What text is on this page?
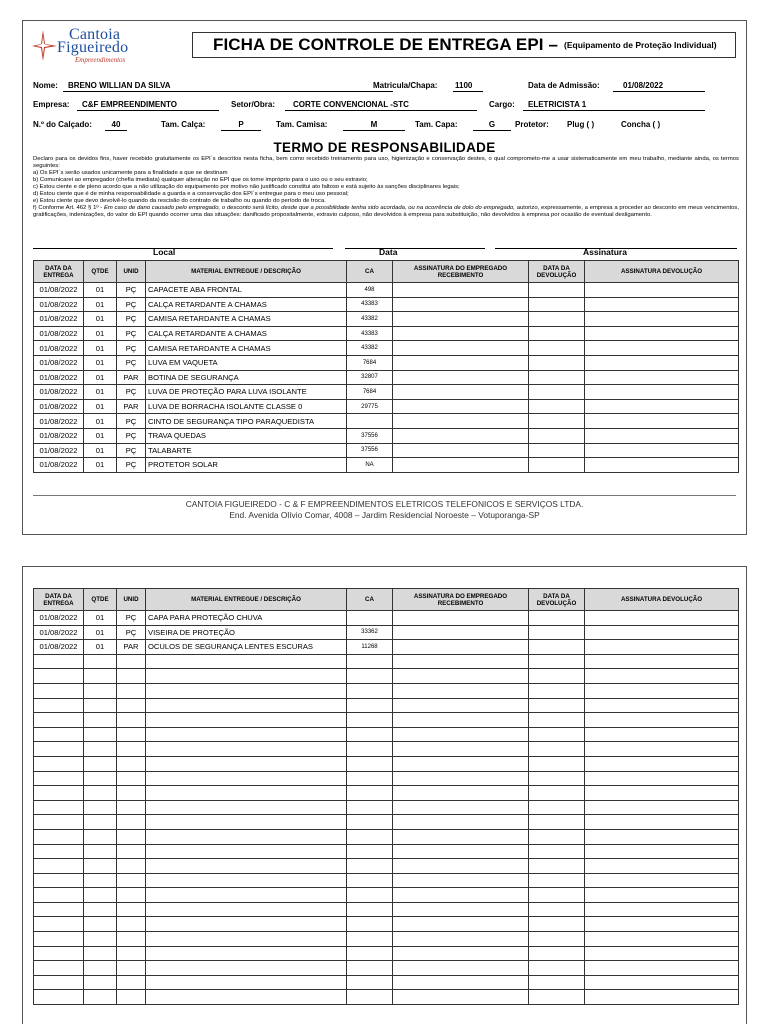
Cantoia
Figueiredo
Empreendimentos
FICHA DE CONTROLE DE ENTREGA EPI – (Equipamento de Proteção Individual)
Nome:	BRENO WILLIAN DA SILVA	Matricula/Chapa: 1100	Data de Admissão:	01/08/2022
Empresa:	C&F EMPREENDIMENTO	Setor/Obra:	CORTE CONVENCIONAL -STC	Cargo:	ELETRICISTA 1
N.º do Calçado:	40	Tam. Calça:	P	Tam. Camisa:	M	Tam. Capa:	G	Protetor: Plug ( )	Concha ( )
TERMO DE RESPONSABILIDADE

Declaro para os devidos fins, haver recebido gratuitamente os EPI´s descritos nesta ficha, bem como recebido treinamento para uso, higienização e conservação destes, o qual comprometo-me a usar sistematicamente em meu trabalho, mediante ainda, os termos seguintes:

a) Os EPI´s serão usados unicamente para a finalidade a que se destinam

b) Comunicarei ao empregador (chefia imediata) qualquer alteração no EPI que os torne impróprio para o uso ou o seu extravio;

c) Estou ciente e de pleno acordo que a não utilização do equipamento por motivo não justificado constitui ato faltoso e está sujeito às sanções disciplinares legais;

d) Estou ciente que é de minha responsabilidade a guarda e a conservação dos EPI´s entregue para o meu uso pessoal;

e) Estou ciente que devo devolvê-lo quando da rescisão do contrato de trabalho ou quando do período de troca.

f) Conforme Art. 462 § 1º - Em caso de dano causado pelo empregado, o desconto será lícito, desde que a possibilidade tenha sido acordada, ou na ocorrência de dolo do empregado, autorizo, expressamente, a empresa a proceder ao desconto em meus vencimentos, gratificações, indenizações, do valor do EPI quando ocorrer uma das situações: danificado propositalmente, extravio culposo, não devolvidos à empresa para substituição, não devolvidos à empresa por ocasião de eventual desligamento.

Local	Data	Assinatura
DATA DA ENTREGA	QTDE	UNID	MATERIAL ENTREGUE / DESCRIÇÃO	CA	ASSINATURA DO EMPREGADO RECEBIMENTO	DATA DA DEVOLUÇÃO	ASSINATURA DEVOLUÇÃO
01/08/2022	01	PÇ	CAPACETE ABA FRONTAL	498			
01/08/2022	01	PÇ	CALÇA RETARDANTE A CHAMAS	43383			
01/08/2022	01	PÇ	CAMISA RETARDANTE A CHAMAS	43382			
01/08/2022	01	PÇ	CALÇA RETARDANTE A CHAMAS	43383			
01/08/2022	01	PÇ	CAMISA RETARDANTE A CHAMAS	43382			
01/08/2022	01	PÇ	LUVA EM VAQUETA	7684			
01/08/2022	01	PAR	BOTINA DE SEGURANÇA	32807			
01/08/2022	01	PÇ	LUVA DE PROTEÇÃO PARA LUVA ISOLANTE	7684			
01/08/2022	01	PAR	LUVA DE BORRACHA ISOLANTE CLASSE 0	29775			
01/08/2022	01	PÇ	CINTO DE SEGURANÇA TIPO PARAQUEDISTA				
01/08/2022	01	PÇ	TRAVA QUEDAS	37556			
01/08/2022	01	PÇ	TALABARTE	37556			
01/08/2022	01	PÇ	PROTETOR SOLAR	NA			
CANTOIA FIGUEIREDO - C & F EMPREENDIMENTOS ELETRICOS TELEFONICOS E SERVIÇOS LTDA.
End. Avenida Olívio Comar, 4008 – Jardim Residencial Noroeste – Votuporanga-SP
DATA DA ENTREGA	QTDE	UNID	MATERIAL ENTREGUE / DESCRIÇÃO	CA	ASSINATURA DO EMPREGADO RECEBIMENTO	DATA DA DEVOLUÇÃO	ASSINATURA DEVOLUÇÃO
01/08/2022	01	PÇ	CAPA PARA PROTEÇÃO CHUVA				
01/08/2022	01	PÇ	VISEIRA DE PROTEÇÃO	33362			
01/08/2022	01	PAR	OCULOS DE SEGURANÇA LENTES ESCURAS	11268			
